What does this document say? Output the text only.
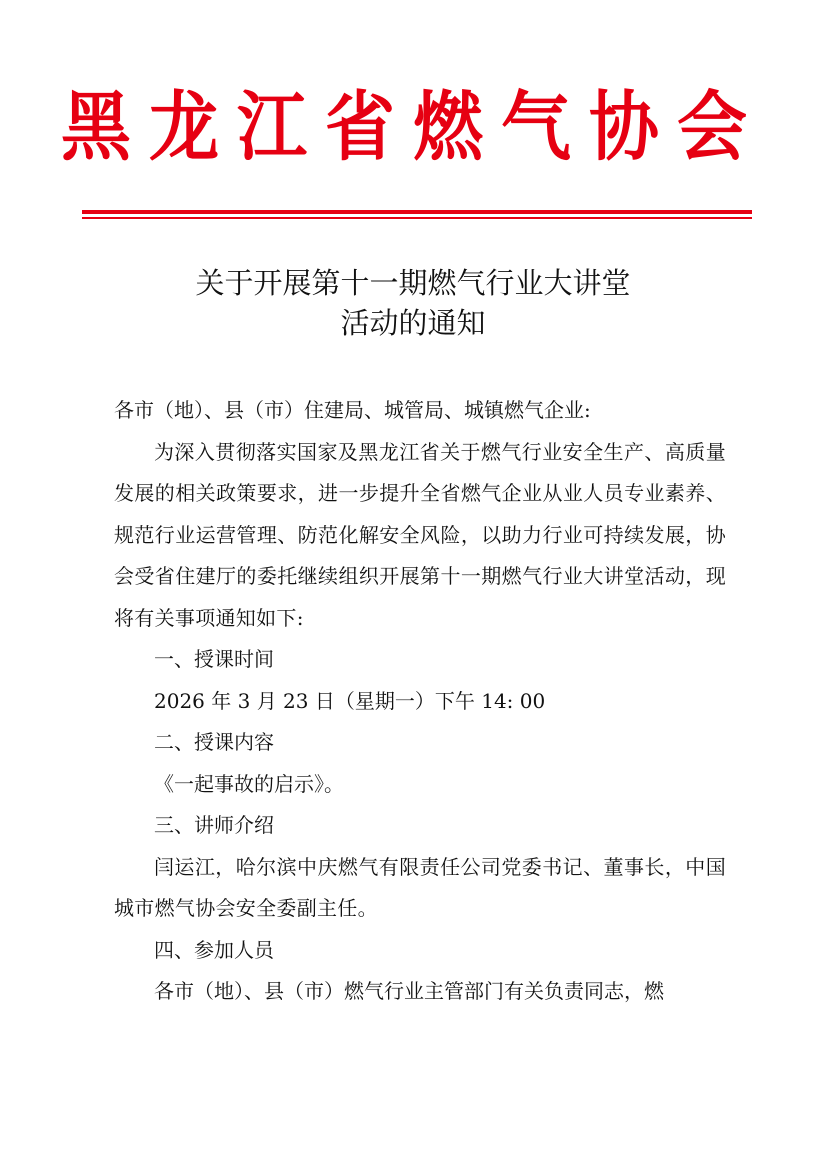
黑龙江省燃气协会
关于开展第十一期燃气行业大讲堂
活动的通知

各市（地）、县（市）住建局、城管局、城镇燃气企业:

为深入贯彻落实国家及黑龙江省关于燃气行业安全生产、高质量发展的相关政策要求，进一步提升全省燃气企业从业人员专业素养、规范行业运营管理、防范化解安全风险，以助力行业可持续发展，协会受省住建厅的委托继续组织开展第十一期燃气行业大讲堂活动，现将有关事项通知如下:

一、授课时间

2026 年 3 月 23 日（星期一）下午 14: 00

二、授课内容

《一起事故的启示》。

三、讲师介绍

闫运江，哈尔滨中庆燃气有限责任公司党委书记、董事长，中国城市燃气协会安全委副主任。

四、参加人员

各市（地）、县（市）燃气行业主管部门有关负责同志，燃
